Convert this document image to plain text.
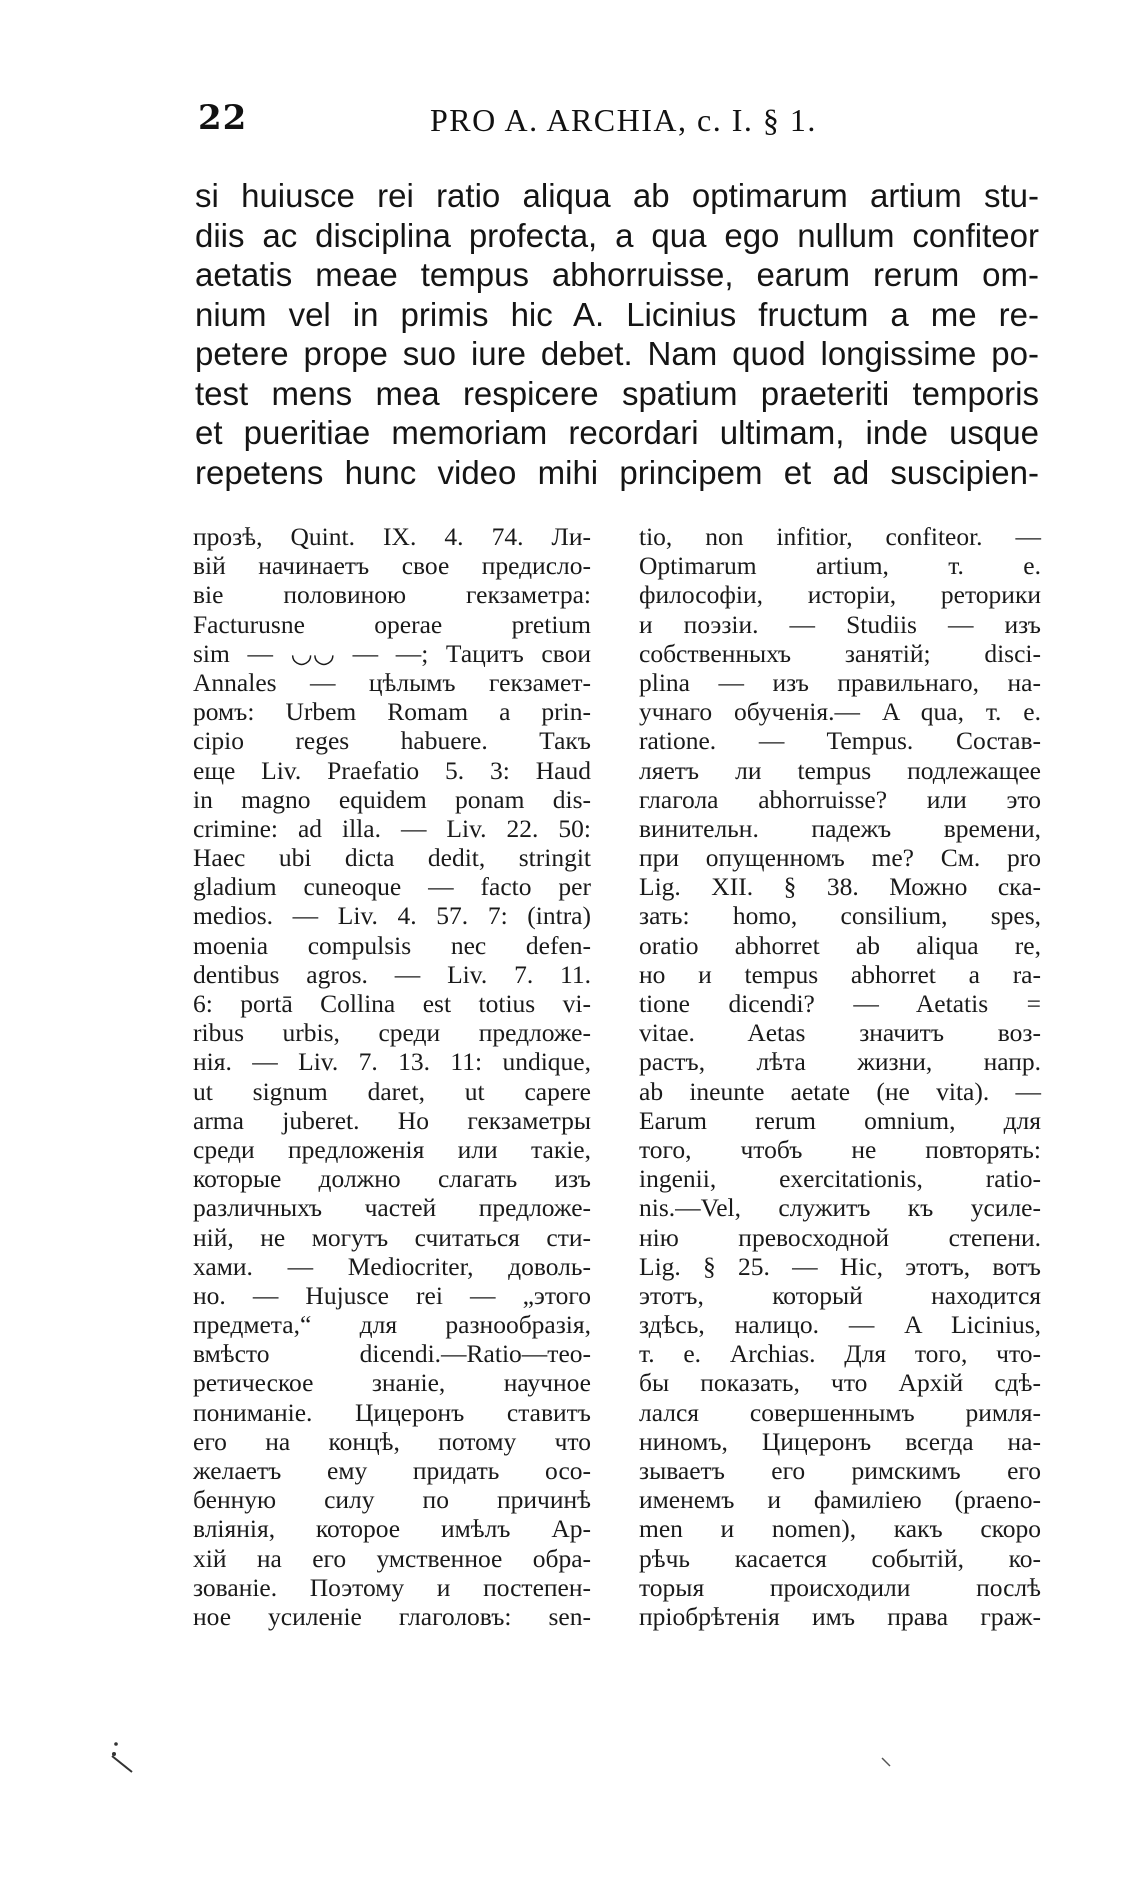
22	PRO A. ARCHIA, c. I. § 1.
si huiusce rei ratio aliqua ab optimarum artium stu-
diis ac disciplina profecta, a qua ego nullum confiteor
aetatis meae tempus abhorruisse, earum rerum om-
nium vel in primis hic A. Licinius fructum a me re-
petere prope suo iure debet. Nam quod longissime po-
test mens mea respicere spatium praeteriti temporis
et pueritiae memoriam recordari ultimam, inde usque
repetens hunc video mihi principem et ad suscipien-
прозѣ, Quint. IX. 4. 74. Ли-
вій начинаетъ свое предисло-
віе половиною гекзаметра:
Facturusne operae pretium
sim — ◡◡ — —; Тацитъ свои
Annales — цѣлымъ гекзамет-
ромъ: Urbem Romam a prin-
cipio reges habuere. Такъ
еще Liv. Praefatio 5. 3: Haud
in magno equidem ponam dis-
crimine: ad illa. — Liv. 22. 50:
Haec ubi dicta dedit, stringit
gladium cuneoque — facto per
medios. — Liv. 4. 57. 7: (intra)
moenia compulsis nec defen-
dentibus agros. — Liv. 7. 11.
6: portā Collina est totius vi-
ribus urbis, среди предложе-
нія. — Liv. 7. 13. 11: undique,
ut signum daret, ut capere
arma juberet. Но гекзаметры
среди предложенія или такіе,
которые должно слагать изъ
различныхъ частей предложе-
ній, не могутъ считаться сти-
хами. — Mediocriter, доволь-
но. — Hujusce rei — „этого
предмета,“ для разнообразія,
вмѣсто dicendi.—Ratio—тео-
ретическое знаніе, научное
пониманіе. Цицеронъ ставитъ
его на концѣ, потому что
желаетъ ему придать осо-
бенную силу по причинѣ
вліянія, которое имѣлъ Ар-
хій на его умственное обра-
зованіе. Поэтому и постепен-
ное усиленіе глаголовъ: sen-
tio, non infitior, confiteor. —
Optimarum artium, т. е.
философіи, исторіи, реторики
и поэзіи. — Studiis — изъ
собственныхъ занятій; disci-
plina — изъ правильнаго, на-
учнаго обученія.— A qua, т. е.
ratione. — Tempus. Состав-
ляетъ ли tempus подлежащее
глагола abhorruisse? или это
винительн. падежъ времени,
при опущенномъ me? См. pro
Lig. XII. § 38. Можно ска-
зать: homo, consilium, spes,
oratio abhorret ab aliqua re,
но и tempus abhorret a ra-
tione dicendi? — Aetatis =
vitae. Aetas значитъ воз-
растъ, лѣта жизни, напр.
ab ineunte aetate (не vita). —
Earum rerum omnium, для
того, чтобъ не повторять:
ingenii, exercitationis, ratio-
nis.—Vel, служитъ къ усиле-
нію превосходной степени.
Lig. § 25. — Hic, этотъ, вотъ
этотъ, который находится
здѣсь, налицо. — A Licinius,
т. е. Archias. Для того, что-
бы показать, что Архій сдѣ-
лался совершеннымъ римля-
ниномъ, Цицеронъ всегда на-
зываетъ его римскимъ его
именемъ и фамиліею (praeno-
men и nomen), какъ скоро
рѣчь касается событій, ко-
торыя происходили послѣ
пріобрѣтенія имъ права граж-
